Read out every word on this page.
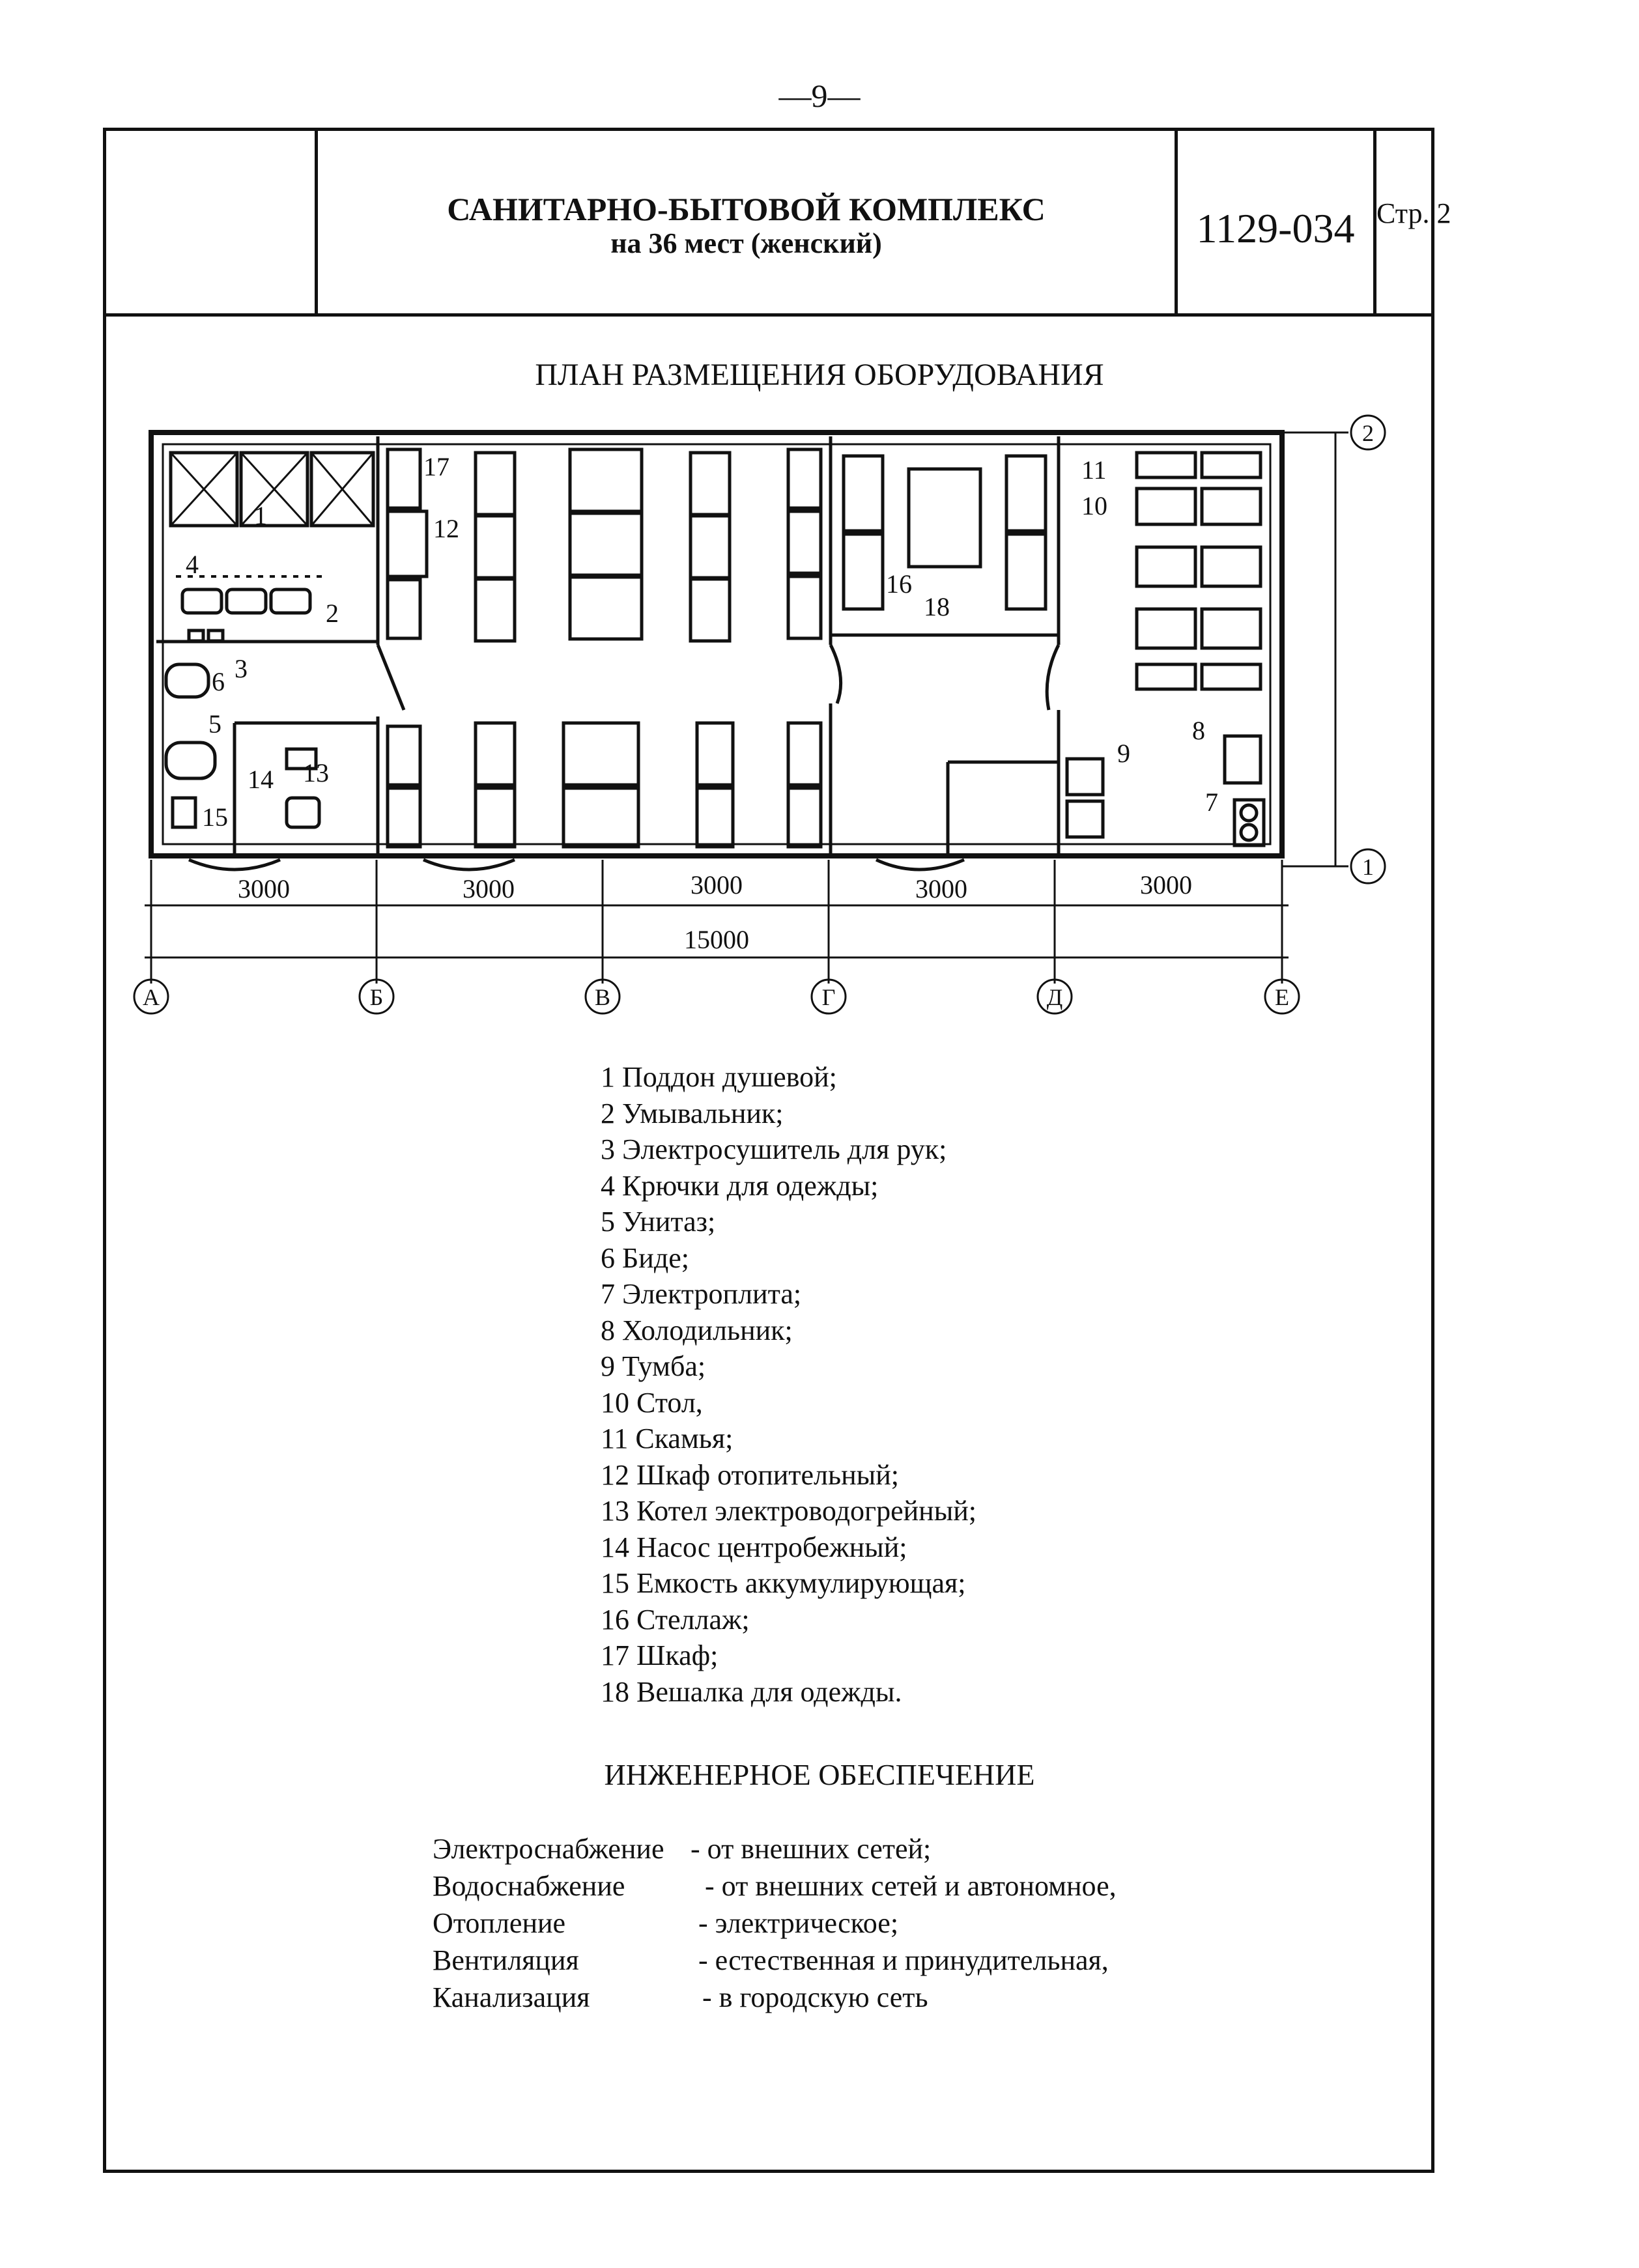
—9—
САНИТАРНО-БЫТОВОЙ КОМПЛЕКС
на 36 мест (женский)	1129-034 Стр. 2
ПЛАН РАЗМЕЩЕНИЯ ОБОРУДОВАНИЯ
3000	3000	3000	3000	3000
15000
А	Б	В	Г	Д	Е
1
2
1
2
3
4
5
6
7
8
9
10
11
12
13
14
15
16
17
18
1 Поддон душевой;
2 Умывальник;
3 Электросушитель для рук;
4 Крючки для одежды;
5 Унитаз;
6 Биде;
7 Электроплита;
8 Холодильник;
9 Тумба;
10 Стол,
11 Скамья;
12 Шкаф отопительный;
13 Котел электроводогрейный;
14 Насос центробежный;
15 Емкость аккумулирующая;
16 Стеллаж;
17 Шкаф;
18 Вешалка для одежды.
ИНЖЕНЕРНОЕ ОБЕСПЕЧЕНИЕ
Электроснабжение - от внешних сетей;
Водоснабжение	- от внешних сетей и автономное,
Отопление	- электрическое;
Вентиляция	- естественная и принудительная,
Канализация	- в городскую сеть
